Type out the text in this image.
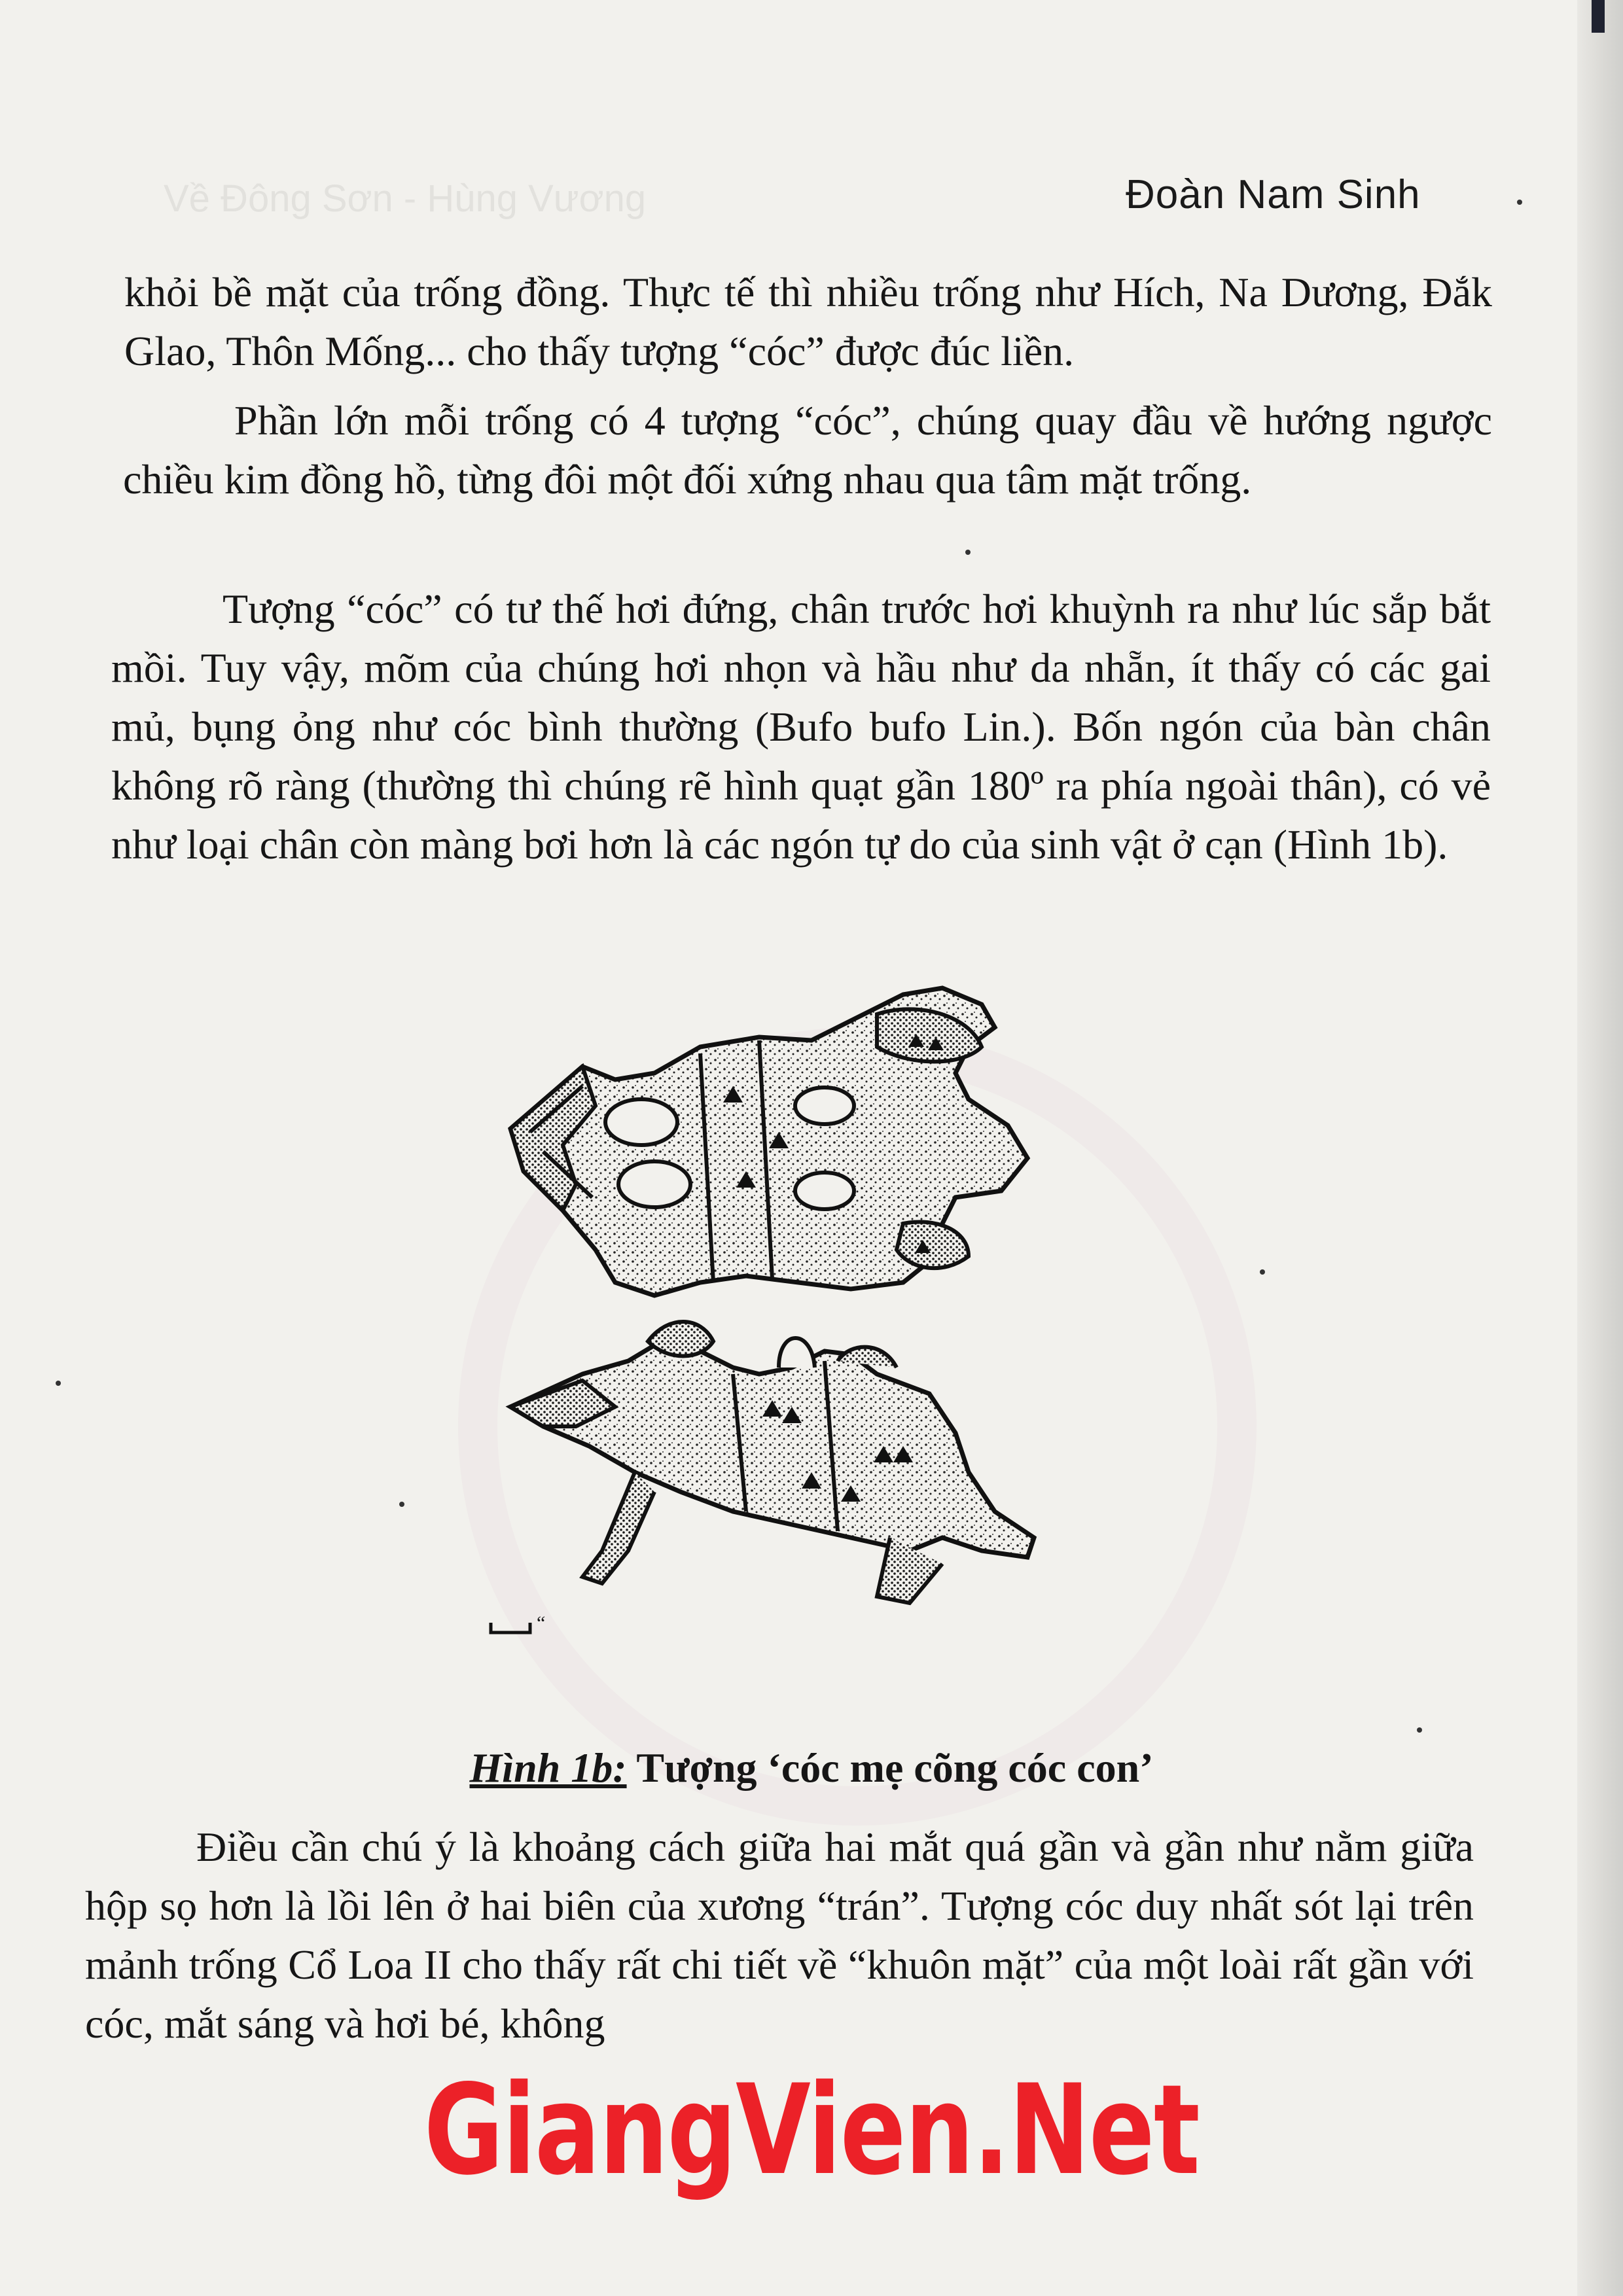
Về Đông Sơn - Hùng Vương	Đoàn Nam Sinh

khỏi bề mặt của trống đồng. Thực tế thì nhiều trống như Hích, Na Dương, Đắk Glao, Thôn Mống... cho thấy tượng “cóc” được đúc liền.

Phần lớn mỗi trống có 4 tượng “cóc”, chúng quay đầu về hướng ngược chiều kim đồng hồ, từng đôi một đối xứng nhau qua tâm mặt trống.

Tượng “cóc” có tư thế hơi đứng, chân trước hơi khuỳnh ra như lúc sắp bắt mồi. Tuy vậy, mõm của chúng hơi nhọn và hầu như da nhẵn, ít thấy có các gai mủ, bụng ỏng như cóc bình thường (Bufo bufo Lin.). Bốn ngón của bàn chân không rõ ràng (thường thì chúng rẽ hình quạt gần 180º ra phía ngoài thân), có vẻ như loại chân còn màng bơi hơn là các ngón tự do của sinh vật ở cạn (Hình 1b).

“
Hình 1b: Tượng ‘cóc mẹ cõng cóc con’

Điều cần chú ý là khoảng cách giữa hai mắt quá gần và gần như nằm giữa hộp sọ hơn là lồi lên ở hai biên của xương “trán”. Tượng cóc duy nhất sót lại trên mảnh trống Cổ Loa II cho thấy rất chi tiết về “khuôn mặt” của một loài rất gần với cóc, mắt sáng và hơi bé, không

GiangVien.Net
